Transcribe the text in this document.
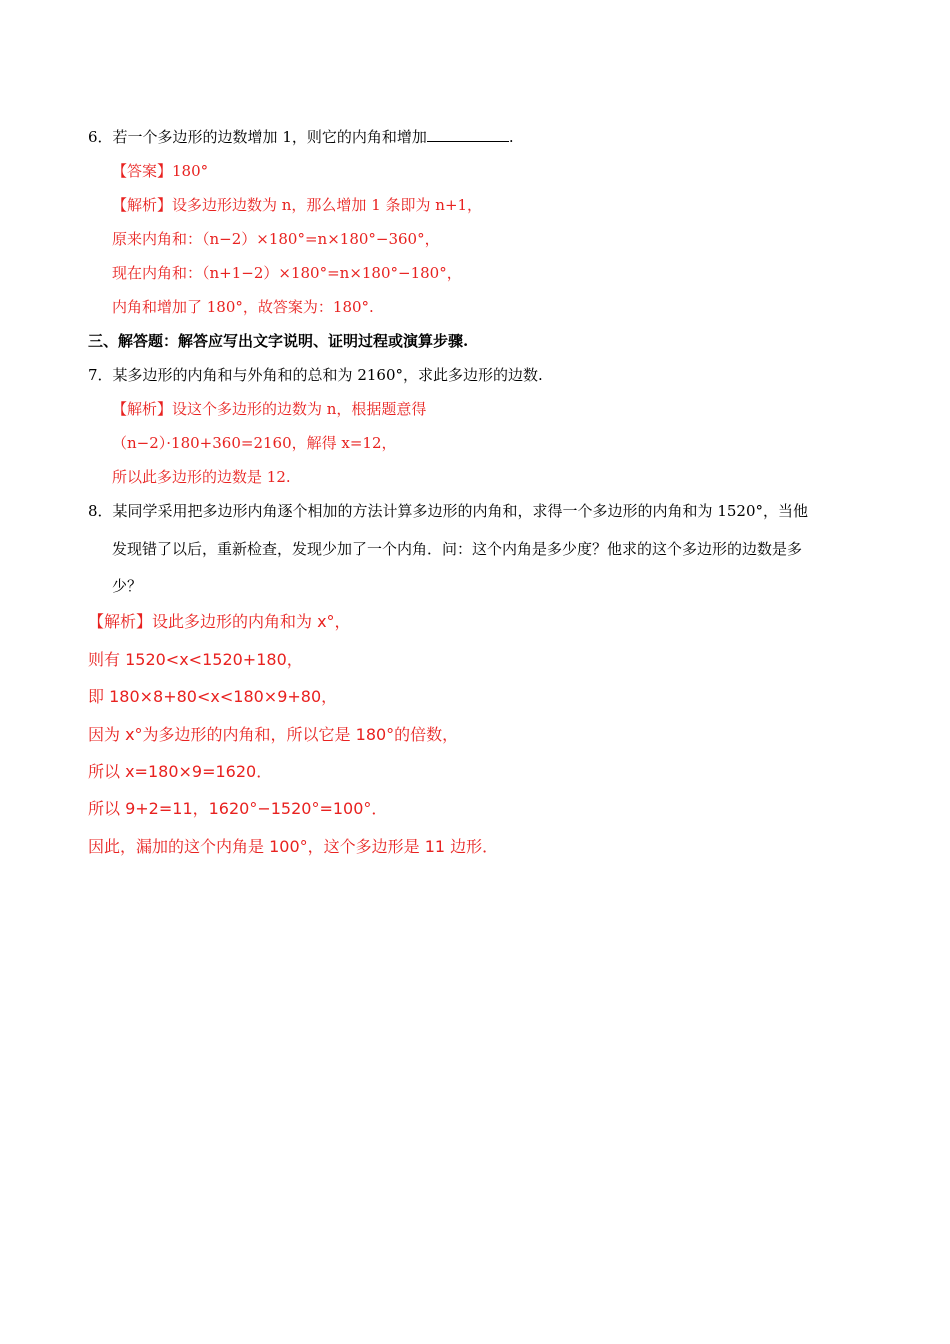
6．若一个多边形的边数增加 1，则它的内角和增加	.
【答案】180°
【解析】设多边形边数为 n，那么增加 1 条即为 n+1，
原来内角和：（n−2）×180°=n×180°−360°，
现在内角和：（n+1−2）×180°=n×180°−180°，
内角和增加了 180°，故答案为：180°.
三、解答题：解答应写出文字说明、证明过程或演算步骤.
7．某多边形的内角和与外角和的总和为 2160°，求此多边形的边数.
【解析】设这个多边形的边数为 n，根据题意得
（n−2）·180+360=2160，解得 x=12，
所以此多边形的边数是 12.
8．某同学采用把多边形内角逐个相加的方法计算多边形的内角和，求得一个多边形的内角和为 1520°，当他
发现错了以后，重新检查，发现少加了一个内角．问：这个内角是多少度？他求的这个多边形的边数是多
少？
【解析】设此多边形的内角和为 x°，
则有 1520<x<1520+180，
即 180×8+80<x<180×9+80，
因为 x°为多边形的内角和，所以它是 180°的倍数，
所以 x=180×9=1620．
所以 9+2=11，1620°−1520°=100°．
因此，漏加的这个内角是 100°，这个多边形是 11 边形．
